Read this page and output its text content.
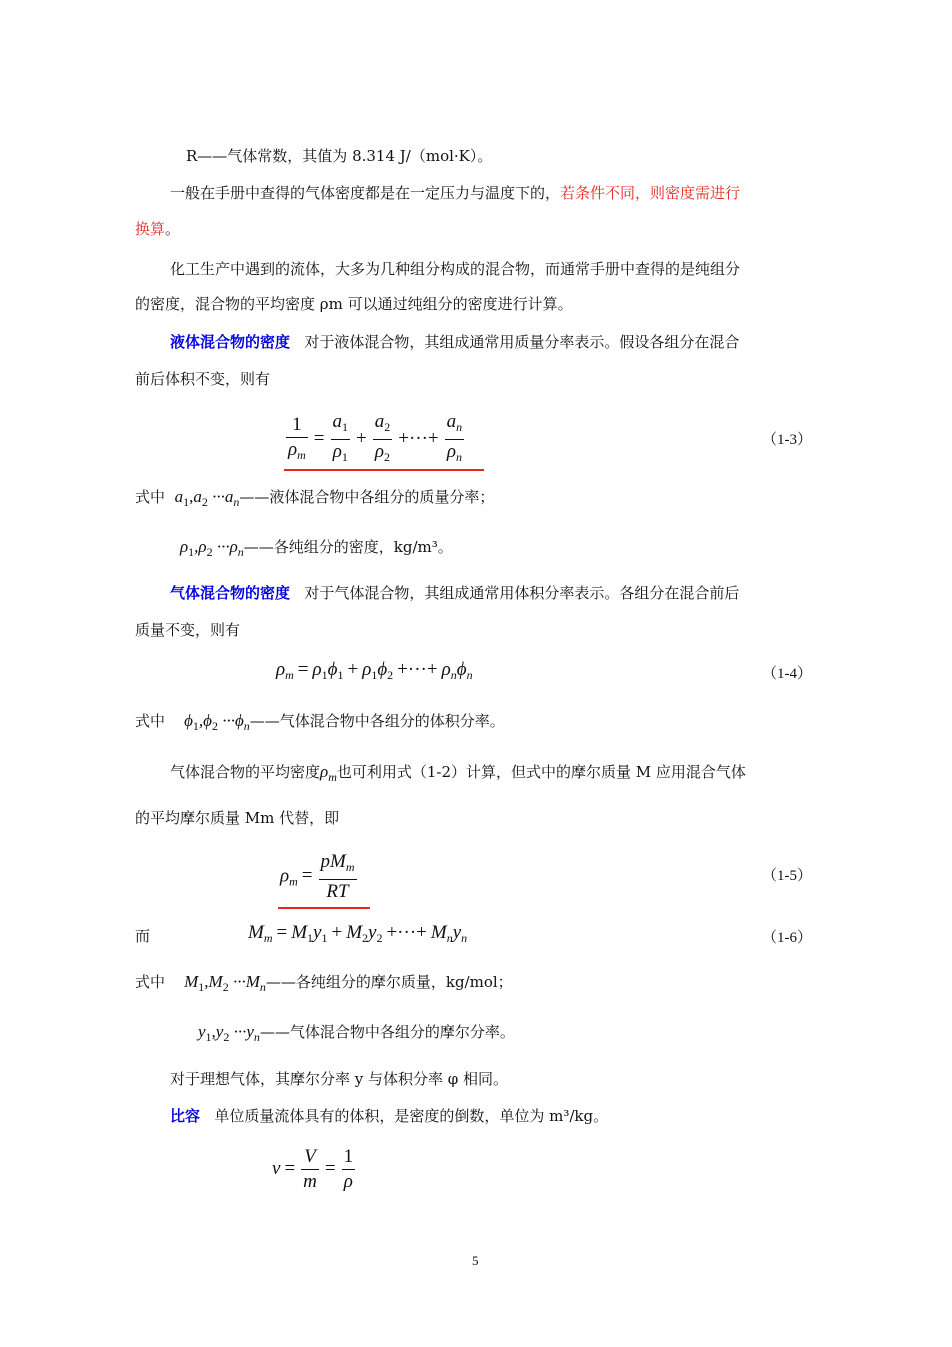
R——气体常数，其值为 8.314 J/（mol·K）。
一般在手册中查得的气体密度都是在一定压力与温度下的，若条件不同，则密度需进行
换算。
化工生产中遇到的流体，大多为几种组分构成的混合物，而通常手册中查得的是纯组分
的密度，混合物的平均密度 ρm 可以通过纯组分的密度进行计算。
液体混合物的密度 对于液体混合物，其组成通常用质量分率表示。假设各组分在混合
前后体积不变，则有
$\frac{1}{\rho_m} = \frac{a_1}{\rho_1} + \frac{a_2}{\rho_2}$ +···+ $\frac{a_n}{\rho_n}$	（1-3）
式中 $a_1,a_2$ $\cdot\cdot\cdot a_n——$液体混合物中各组分的质量分率；
$\rho_1,\rho_2$ $\cdot\cdot\cdot\rho_n——$各纯组分的密度，kg/m³。
气体混合物的密度 对于气体混合物，其组成通常用体积分率表示。各组分在混合前后
质量不变，则有
$\rho_m = \rho_1\phi_1 + \rho_1\phi_2$ +···+ $\rho_n\phi_n$	（1-4）
式中 $\phi_1,\phi_2$ $\cdot\cdot\cdot\phi_n——$气体混合物中各组分的体积分率。
气体混合物的平均密度$\rho_m$也可利用式（1-2）计算，但式中的摩尔质量 M 应用混合气体
的平均摩尔质量 Mm 代替，即
$\rho_m = \frac{pM_m}{RT}$	（1-5）
而	$M_m = M_1y_1 + M_2y_2$ +···+ $M_ny_n$	（1-6）
式中 $M_1,M_2$ $\cdot\cdot\cdot M_n——$各纯组分的摩尔质量，kg/mol；
$y_1,y_2$ $\cdot\cdot\cdot y_n——$气体混合物中各组分的摩尔分率。
对于理想气体，其摩尔分率 y 与体积分率 φ 相同。
比容 单位质量流体具有的体积，是密度的倒数，单位为 m³/kg。
$v = \frac{V}{m} = \frac{1}{\rho}$
5
